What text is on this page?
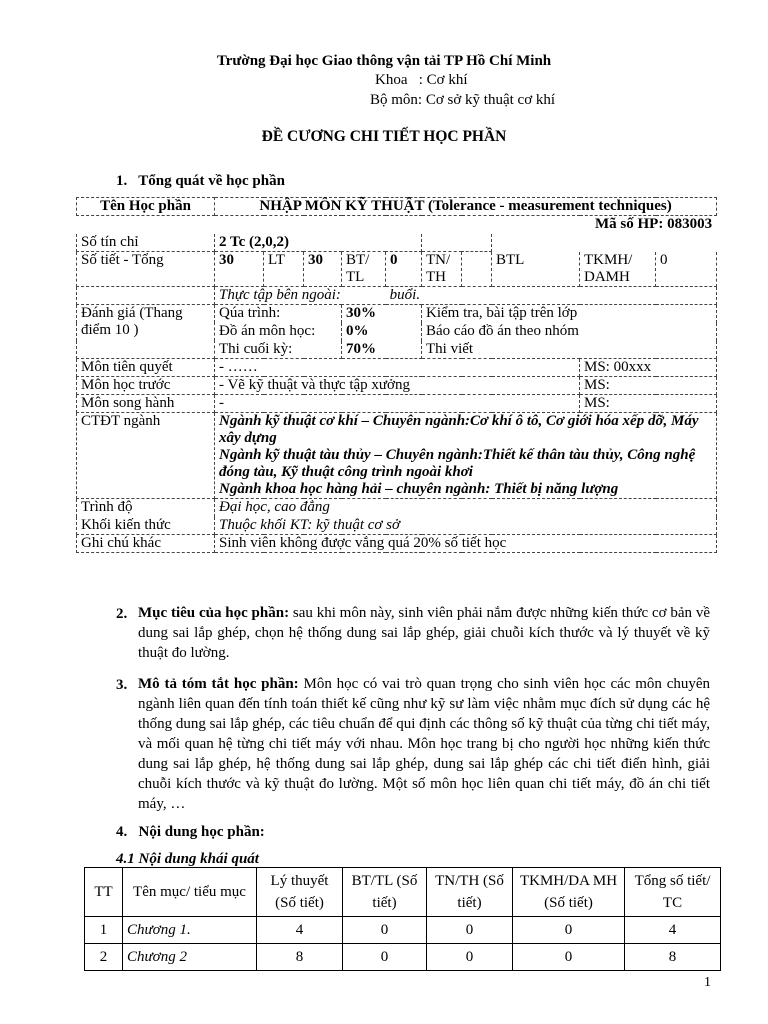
Trường Đại học Giao thông vận tải TP Hồ Chí Minh
Khoa   : Cơ khí
Bộ môn: Cơ sở kỹ thuật cơ khí
ĐỀ CƯƠNG CHI TIẾT HỌC PHẦN
1. Tổng quát về học phần
Tên Học phần	NHẬP MÔN KỸ THUẬT (Tolerance - measurement techniques)									
								Mã số HP: 083003		
Số tín chỉ	2 Tc (2,0,2)									
Số tiết - Tổng	30	LT	30	BT/ TL	0	TN/ TH		BTL	TKMH/ DAMH	0
	Thực tập bên ngoài:             buổi.									
Đánh giá (Thang điểm 10 )	Qúa trình:			30%		Kiểm tra, bài tập trên lớp				
	Đồ án môn học:			0%		Báo cáo đồ án theo nhóm				
	Thi cuối kỳ:			70%		Thi viết				
Môn tiên quyết	- ……								MS: 00xxx	
Môn học trước	- Vẽ kỹ thuật và thực tập xưởng								MS:	
Môn song hành	-								MS:	
CTĐT ngành	Ngành kỹ thuật cơ khí – Chuyên ngành:Cơ khí ô tô, Cơ giới hóa xếp dỡ, Máy xây dựng
Ngành kỹ thuật tàu thủy – Chuyên ngành:Thiết kế thân tàu thủy, Công nghệ đóng tàu, Kỹ thuật công trình ngoài khơi
Ngành khoa học hàng hải – chuyên ngành: Thiết bị năng lượng									

Trình độ	Đại học, cao đẳng									
Khối kiến thức	Thuộc khối KT: kỹ thuật cơ sở									
Ghi chú khác	Sinh viên không được vắng quá 20% số tiết học									
2. Mục tiêu của học phần: sau khi môn này, sinh viên phải nắm được những kiến thức cơ bản về dung sai lắp ghép, chọn hệ thống dung sai lắp ghép, giải chuỗi kích thước và lý thuyết về kỹ thuật đo lường.
3. Mô tả tóm tắt học phần: Môn học có vai trò quan trọng cho sinh viên học các môn chuyên ngành liên quan đến tính toán thiết kế cũng như kỹ sư làm việc nhằm mục đích sử dụng các hệ thống dung sai lắp ghép, các tiêu chuẩn để qui định các thông số kỹ thuật của từng chi tiết máy, và mối quan hệ từng chi tiết máy với nhau. Môn học trang bị cho người học những kiến thức dung sai lắp ghép, hệ thống dung sai lắp ghép, dung sai lắp ghép các chi tiết điển hình, giải chuỗi kích thước và kỹ thuật đo lường. Một số môn học liên quan chi tiết máy, đồ án chi tiết máy, …
4. Nội dung học phần:
4.1 Nội dung khái quát
TT	Tên mục/ tiểu mục	Lý thuyết (Số tiết)	BT/TL (Số tiết)	TN/TH (Số tiết)	TKMH/DA MH (Số tiết)	Tổng số tiết/ TC
1	Chương 1.	4	0	0	0	4
2	Chương 2	8	0	0	0	8
1
